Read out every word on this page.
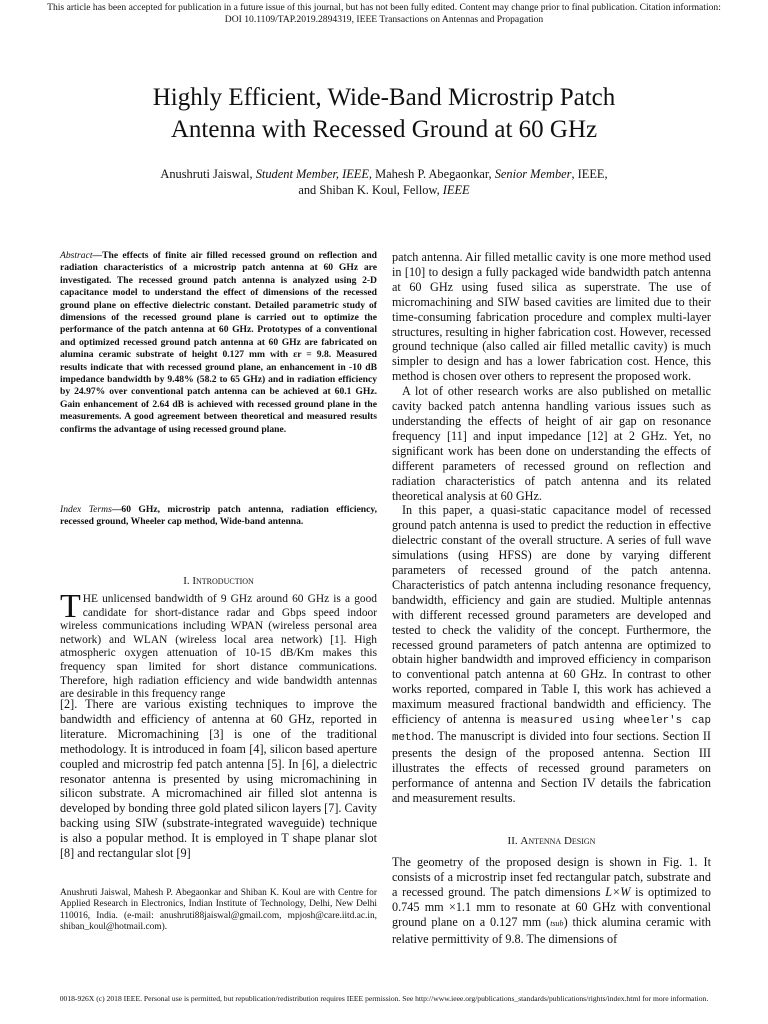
This article has been accepted for publication in a future issue of this journal, but has not been fully edited. Content may change prior to final publication. Citation information:
DOI 10.1109/TAP.2019.2894319, IEEE Transactions on Antennas and Propagation
Highly Efficient, Wide-Band Microstrip Patch
Antenna with Recessed Ground at 60 GHz
Anushruti Jaiswal, Student Member, IEEE, Mahesh P. Abegaonkar, Senior Member, IEEE,
and Shiban K. Koul, Fellow, IEEE

Abstract—The effects of finite air filled recessed ground on reflection and radiation characteristics of a microstrip patch antenna at 60 GHz are investigated. The recessed ground patch antenna is analyzed using 2-D capacitance model to understand the effect of dimensions of the recessed ground plane on effective dielectric constant. Detailed parametric study of dimensions of the recessed ground plane is carried out to optimize the performance of the patch antenna at 60 GHz. Prototypes of a conventional and optimized recessed ground patch antenna at 60 GHz are fabricated on alumina ceramic substrate of height 0.127 mm with εr = 9.8. Measured results indicate that with recessed ground plane, an enhancement in -10 dB impedance bandwidth by 9.48% (58.2 to 65 GHz) and in radiation efficiency by 24.97% over conventional patch antenna can be achieved at 60.1 GHz. Gain enhancement of 2.64 dB is achieved with recessed ground plane in the measurements. A good agreement between theoretical and measured results confirms the advantage of using recessed ground plane.

Index Terms—60 GHz, microstrip patch antenna, radiation efficiency, recessed ground, Wheeler cap method, Wide-band antenna.

I. Introduction
THE unlicensed bandwidth of 9 GHz around 60 GHz is a good candidate for short-distance radar and Gbps speed indoor wireless communications including WPAN (wireless personal area network) and WLAN (wireless local area network) [1]. High atmospheric oxygen attenuation of 10-15 dB/Km makes this frequency span limited for short distance communications. Therefore, high radiation efficiency and wide bandwidth antennas are desirable in this frequency range

[2]. There are various existing techniques to improve the bandwidth and efficiency of antenna at 60 GHz, reported in literature. Micromachining [3] is one of the traditional methodology. It is introduced in foam [4], silicon based aperture coupled and microstrip fed patch antenna [5]. In [6], a dielectric resonator antenna is presented by using micromachining in silicon substrate. A micromachined air filled slot antenna is developed by bonding three gold plated silicon layers [7]. Cavity backing using SIW (substrate-integrated waveguide) technique is also a popular method. It is employed in T shape planar slot [8] and rectangular slot [9]

Anushruti Jaiswal, Mahesh P. Abegaonkar and Shiban K. Koul are with Centre for Applied Research in Electronics, Indian Institute of Technology, Delhi, New Delhi 110016, India. (e-mail: anushruti88jaiswal@gmail.com, mpjosh@care.iitd.ac.in, shiban_koul@hotmail.com).

patch antenna. Air filled metallic cavity is one more method used in [10] to design a fully packaged wide bandwidth patch antenna at 60 GHz using fused silica as superstrate. The use of micromachining and SIW based cavities are limited due to their time-consuming fabrication procedure and complex multi-layer structures, resulting in higher fabrication cost. However, recessed ground technique (also called air filled metallic cavity) is much simpler to design and has a lower fabrication cost. Hence, this method is chosen over others to represent the proposed work.

A lot of other research works are also published on metallic cavity backed patch antenna handling various issues such as understanding the effects of height of air gap on resonance frequency [11] and input impedance [12] at 2 GHz. Yet, no significant work has been done on understanding the effects of different parameters of recessed ground on reflection and radiation characteristics of patch antenna and its related theoretical analysis at 60 GHz.

In this paper, a quasi-static capacitance model of recessed ground patch antenna is used to predict the reduction in effective dielectric constant of the overall structure. A series of full wave simulations (using HFSS) are done by varying different parameters of recessed ground of the patch antenna. Characteristics of patch antenna including resonance frequency, bandwidth, efficiency and gain are studied. Multiple antennas with different recessed ground parameters are developed and tested to check the validity of the concept. Furthermore, the recessed ground parameters of patch antenna are optimized to obtain higher bandwidth and improved efficiency in comparison to conventional patch antenna at 60 GHz. In contrast to other works reported, compared in Table I, this work has achieved a maximum measured fractional bandwidth and efficiency. The efficiency of antenna is measured using wheeler's cap method. The manuscript is divided into four sections. Section II presents the design of the proposed antenna. Section III illustrates the effects of recessed ground parameters on performance of antenna and Section IV details the fabrication and measurement results.

II. Antenna Design

The geometry of the proposed design is shown in Fig. 1. It consists of a microstrip inset fed rectangular patch, substrate and a recessed ground. The patch dimensions L×W is optimized to 0.745 mm ×1.1 mm to resonate at 60 GHz with conventional ground plane on a 0.127 mm (tsub) thick alumina ceramic with relative permittivity of 9.8. The dimensions of

0018-926X (c) 2018 IEEE. Personal use is permitted, but republication/redistribution requires IEEE permission. See http://www.ieee.org/publications_standards/publications/rights/index.html for more information.
